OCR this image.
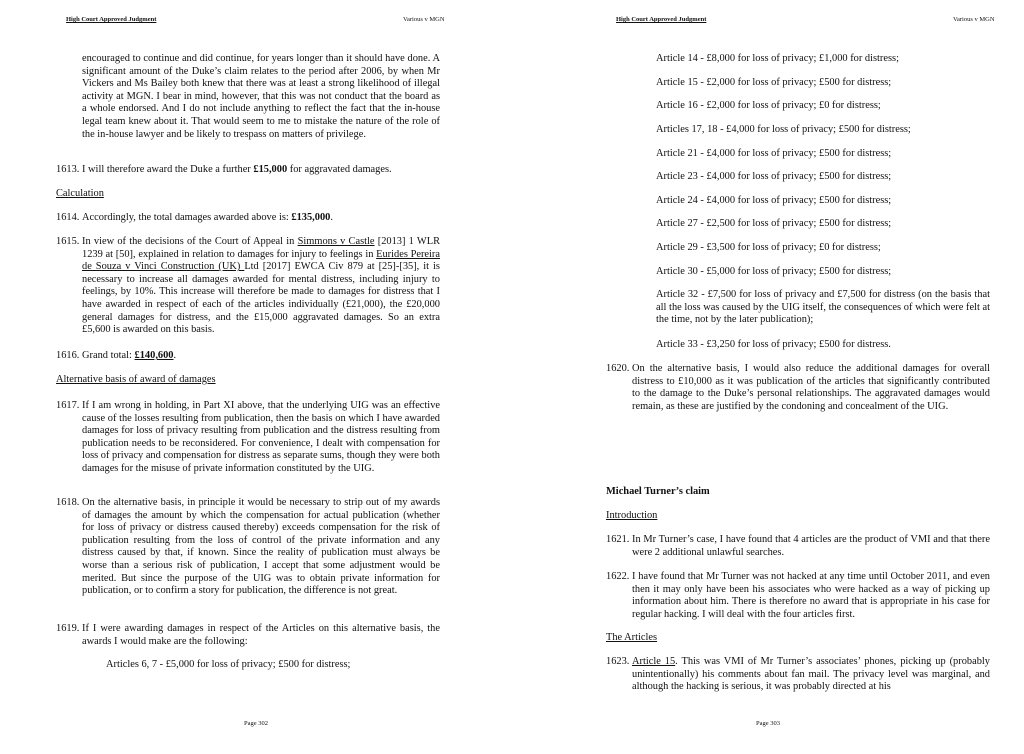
High Court Approved Judgment	Various v MGN

encouraged to continue and did continue, for years longer than it should have done. A significant amount of the Duke’s claim relates to the period after 2006, by when Mr Vickers and Ms Bailey both knew that there was at least a strong likelihood of illegal activity at MGN. I bear in mind, however, that this was not conduct that the board as a whole endorsed. And I do not include anything to reflect the fact that the in-house legal team knew about it. That would seem to me to mistake the nature of the role of the in-house lawyer and be likely to trespass on matters of privilege.

1613. I will therefore award the Duke a further £15,000 for aggravated damages.

Calculation

1614. Accordingly, the total damages awarded above is: £135,000.

1615. In view of the decisions of the Court of Appeal in Simmons v Castle [2013] 1 WLR 1239 at [50], explained in relation to damages for injury to feelings in Eurides Pereira de Souza v Vinci Construction (UK) Ltd [2017] EWCA Civ 879 at [25]-[35], it is necessary to increase all damages awarded for mental distress, including injury to feelings, by 10%. This increase will therefore be made to damages for distress that I have awarded in respect of each of the articles individually (£21,000), the £20,000 general damages for distress, and the £15,000 aggravated damages. So an extra £5,600 is awarded on this basis.

1616. Grand total: £140,600.

Alternative basis of award of damages

1617. If I am wrong in holding, in Part XI above, that the underlying UIG was an effective cause of the losses resulting from publication, then the basis on which I have awarded damages for loss of privacy resulting from publication and the distress resulting from publication needs to be reconsidered. For convenience, I dealt with compensation for loss of privacy and compensation for distress as separate sums, though they were both damages for the misuse of private information constituted by the UIG.

1618. On the alternative basis, in principle it would be necessary to strip out of my awards of damages the amount by which the compensation for actual publication (whether for loss of privacy or distress caused thereby) exceeds compensation for the risk of publication resulting from the loss of control of the private information and any distress caused by that, if known. Since the reality of publication must always be worse than a serious risk of publication, I accept that some adjustment would be merited. But since the purpose of the UIG was to obtain private information for publication, or to confirm a story for publication, the difference is not great.

1619. If I were awarding damages in respect of the Articles on this alternative basis, the awards I would make are the following:

Articles 6, 7 - £5,000 for loss of privacy; £500 for distress;

Page 302
High Court Approved Judgment	Various v MGN

Article 14 - £8,000 for loss of privacy; £1,000 for distress;

Article 15 - £2,000 for loss of privacy; £500 for distress;

Article 16 - £2,000 for loss of privacy; £0 for distress;

Articles 17, 18 - £4,000 for loss of privacy; £500 for distress;

Article 21 - £4,000 for loss of privacy; £500 for distress;

Article 23 - £4,000 for loss of privacy; £500 for distress;

Article 24 - £4,000 for loss of privacy; £500 for distress;

Article 27 - £2,500 for loss of privacy; £500 for distress;

Article 29 - £3,500 for loss of privacy; £0 for distress;

Article 30 - £5,000 for loss of privacy; £500 for distress;

Article 32 - £7,500 for loss of privacy and £7,500 for distress (on the basis that all the loss was caused by the UIG itself, the consequences of which were felt at the time, not by the later publication);

Article 33 - £3,250 for loss of privacy; £500 for distress.

1620. On the alternative basis, I would also reduce the additional damages for overall distress to £10,000 as it was publication of the articles that significantly contributed to the damage to the Duke’s personal relationships. The aggravated damages would remain, as these are justified by the condoning and concealment of the UIG.

Michael Turner’s claim

Introduction

1621. In Mr Turner’s case, I have found that 4 articles are the product of VMI and that there were 2 additional unlawful searches.

1622. I have found that Mr Turner was not hacked at any time until October 2011, and even then it may only have been his associates who were hacked as a way of picking up information about him. There is therefore no award that is appropriate in his case for regular hacking. I will deal with the four articles first.

The Articles

1623. Article 15. This was VMI of Mr Turner’s associates’ phones, picking up (probably unintentionally) his comments about fan mail. The privacy level was marginal, and although the hacking is serious, it was probably directed at his

Page 303
